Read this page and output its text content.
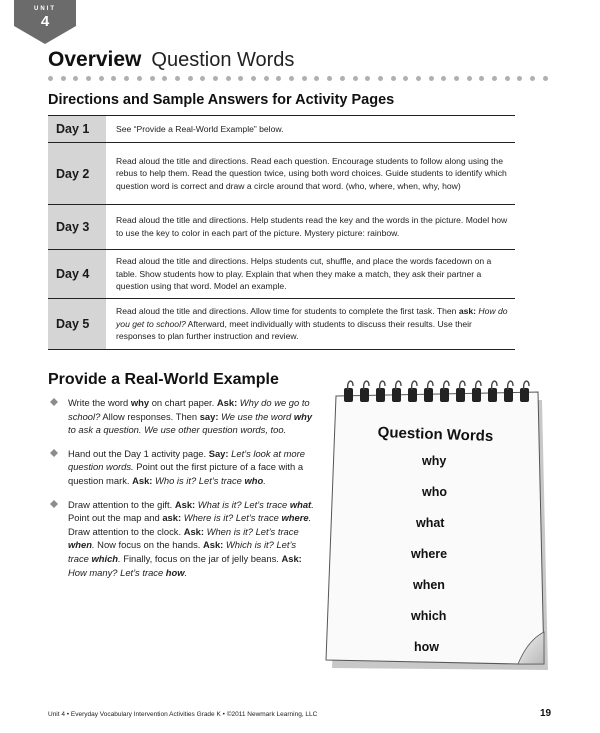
UNIT
4
Overview Question Words
Directions and Sample Answers for Activity Pages
Day 1	See “Provide a Real-World Example” below.
Day 2	Read aloud the title and directions. Read each question. Encourage students to follow along using the rebus to help them. Read the question twice, using both word choices. Guide students to identify which question word is correct and draw a circle around that word. (who, where, when, why, how)
Day 3	Read aloud the title and directions. Help students read the key and the words in the picture. Model how to use the key to color in each part of the picture. Mystery picture: rainbow.
Day 4	Read aloud the title and directions. Helps students cut, shuffle, and place the words facedown on a table. Show students how to play. Explain that when they make a match, they ask their partner a question using that word. Model an example.
Day 5	Read aloud the title and directions. Allow time for students to complete the first task. Then ask: How do you get to school? Afterward, meet individually with students to discuss their results. Use their responses to plan further instruction and review.
Provide a Real-World Example
Write the word why on chart paper. Ask: Why do we go to school? Allow responses. Then say: We use the word why to ask a question. We use other question words, too.
Hand out the Day 1 activity page. Say: Let’s look at more question words. Point out the first picture of a face with a question mark. Ask: Who is it? Let’s trace who.
Draw attention to the gift. Ask: What is it? Let’s trace what. Point out the map and ask: Where is it? Let’s trace where. Draw attention to the clock. Ask: When is it? Let’s trace when. Now focus on the hands. Ask: Which is it? Let’s trace which. Finally, focus on the jar of jelly beans. Ask: How many? Let’s trace how.
Question Words
why
who
what
where
when
which
how
Unit 4 • Everyday Vocabulary Intervention Activities Grade K • ©2011 Newmark Learning, LLC	19
